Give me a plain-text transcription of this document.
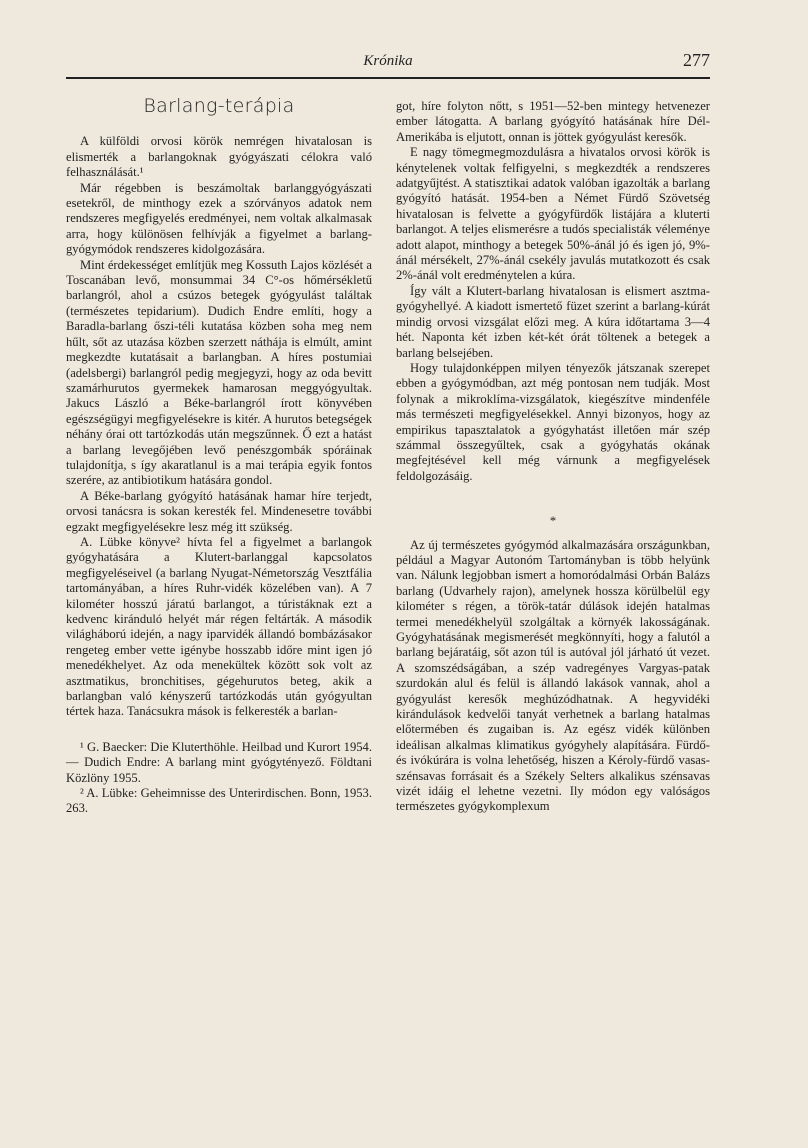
Krónika	277
Barlang-terápia

A külföldi orvosi körök nemrégen hivatalosan is elismerték a barlangoknak gyógyászati célokra való felhasználását.¹

Már régebben is beszámoltak barlanggyógyászati esetekről, de minthogy ezek a szórványos adatok nem rendszeres megfigyelés eredményei, nem voltak alkalmasak arra, hogy különösen felhívják a figyelmet a barlang-gyógymódok rendszeres kidolgozására.

Mint érdekességet említjük meg Kossuth Lajos közlését a Toscanában levő, monsummai 34 C°-os hőmérsékletű barlangról, ahol a csúzos betegek gyógyulást találtak (természetes tepidarium). Dudich Endre említi, hogy a Baradla-barlang őszi-téli kutatása közben soha meg nem hűlt, sőt az utazása közben szerzett náthája is elmúlt, amint megkezdte kutatásait a barlangban. A híres postumiai (adelsbergi) barlangról pedig megjegyzi, hogy az oda bevitt szamárhurutos gyermekek hamarosan meggyógyultak. Jakucs László a Béke-barlangról írott könyvében egészségügyi megfigyelésekre is kitér. A hurutos betegségek néhány órai ott tartózkodás után megszűnnek. Ő ezt a hatást a barlang levegőjében levő penészgombák spóráinak tulajdonítja, s így akaratlanul is a mai terápia egyik fontos szerére, az antibiotikum hatására gondol.

A Béke-barlang gyógyító hatásának hamar híre terjedt, orvosi tanácsra is sokan keresték fel. Mindenesetre további egzakt megfigyelésekre lesz még itt szükség.

A. Lübke könyve² hívta fel a figyelmet a barlangok gyógyhatására a Klutert-barlanggal kapcsolatos megfigyeléseivel (a barlang Nyugat-Németország Vesztfália tartományában, a híres Ruhr-vidék közelében van). A 7 kilométer hosszú járatú barlangot, a túristáknak ezt a kedvenc kiránduló helyét már régen feltárták. A második világháború idején, a nagy iparvidék állandó bombázásakor rengeteg ember vette igénybe hosszabb időre mint igen jó menedékhelyet. Az oda menekültek között sok volt az asztmatikus, bronchitises, gégehurutos beteg, akik a barlangban való kényszerű tartózkodás után gyógyultan tértek haza. Tanácsukra mások is felkeresték a barlan-

¹ G. Baecker: Die Kluterthöhle. Heilbad und Kurort 1954. — Dudich Endre: A barlang mint gyógytényező. Földtani Közlöny 1955.

² A. Lübke: Geheimnisse des Unterirdischen. Bonn, 1953. 263.

got, híre folyton nőtt, s 1951—52-ben mintegy hetvenezer ember látogatta. A barlang gyógyító hatásának híre Dél-Amerikába is eljutott, onnan is jöttek gyógyulást keresők.

E nagy tömegmegmozdulásra a hivatalos orvosi körök is kénytelenek voltak felfigyelni, s megkezdték a rendszeres adatgyűjtést. A statisztikai adatok valóban igazolták a barlang gyógyító hatását. 1954-ben a Német Fürdő Szövetség hivatalosan is felvette a gyógyfürdők listájára a kluterti barlangot. A teljes elismerésre a tudós specialisták véleménye adott alapot, minthogy a betegek 50%-ánál jó és igen jó, 9%-ánál mérsékelt, 27%-ánál csekély javulás mutatkozott és csak 2%-ánál volt eredménytelen a kúra.

Így vált a Klutert-barlang hivatalosan is elismert asztma-gyógyhellyé. A kiadott ismertető füzet szerint a barlang-kúrát mindig orvosi vizsgálat előzi meg. A kúra időtartama 3—4 hét. Naponta két izben két-két órát töltenek a betegek a barlang belsejében.

Hogy tulajdonképpen milyen tényezők játszanak szerepet ebben a gyógymódban, azt még pontosan nem tudják. Most folynak a mikroklíma-vizsgálatok, kiegészítve mindenféle más természeti megfigyelésekkel. Annyi bizonyos, hogy az empirikus tapasztalatok a gyógyhatást illetően már szép számmal összegyűltek, csak a gyógyhatás okának megfejtésével kell még várnunk a megfigyelések feldolgozásáig.

*

Az új természetes gyógymód alkalmazására országunkban, például a Magyar Autonóm Tartományban is több helyünk van. Nálunk legjobban ismert a homoródalmási Orbán Balázs barlang (Udvarhely rajon), amelynek hossza körülbelül egy kilométer s régen, a török-tatár dúlások idején hatalmas termei menedékhelyül szolgáltak a környék lakosságának. Gyógyhatásának megismerését megkönnyíti, hogy a falutól a barlang bejáratáig, sőt azon túl is autóval jól járható út vezet. A szomszédságában, a szép vadregényes Vargyas-patak szurdokán alul és felül is állandó lakások vannak, ahol a gyógyulást keresők meghúzódhatnak. A hegyvidéki kirándulások kedvelői tanyát verhetnek a barlang hatalmas előtermében és zugaiban is. Az egész vidék különben ideálisan alkalmas klimatikus gyógyhely alapítására. Fürdő- és ivókúrára is volna lehetőség, hiszen a Kéroly-fürdő vasas-szénsavas forrásait és a Székely Selters alkalikus szénsavas vizét idáig el lehetne vezetni. Ily módon egy valóságos természetes gyógykomplexum
